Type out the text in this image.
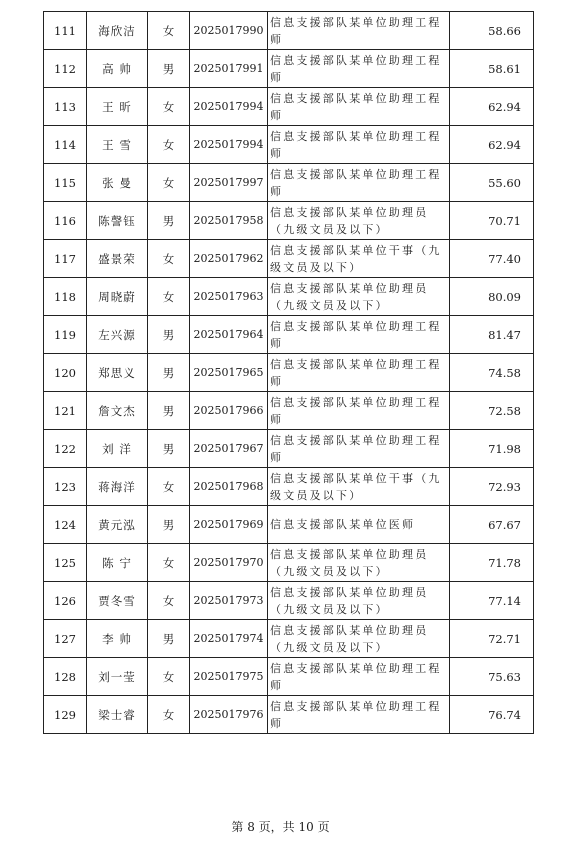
111	海欣洁	女	2025017990	信息支援部队某单位助理工程师	58.66
112	高 帅	男	2025017991	信息支援部队某单位助理工程师	58.61
113	王 昕	女	2025017994	信息支援部队某单位助理工程师	62.94
114	王 雪	女	2025017994	信息支援部队某单位助理工程师	62.94
115	张 曼	女	2025017997	信息支援部队某单位助理工程师	55.60
116	陈謦钰	男	2025017958	信息支援部队某单位助理员（九级文员及以下）	70.71
117	盛景荣	女	2025017962	信息支援部队某单位干事（九级文员及以下）	77.40
118	周晓蔚	女	2025017963	信息支援部队某单位助理员（九级文员及以下）	80.09
119	左兴源	男	2025017964	信息支援部队某单位助理工程师	81.47
120	郑思义	男	2025017965	信息支援部队某单位助理工程师	74.58
121	詹文杰	男	2025017966	信息支援部队某单位助理工程师	72.58
122	刘 洋	男	2025017967	信息支援部队某单位助理工程师	71.98
123	蒋海洋	女	2025017968	信息支援部队某单位干事（九级文员及以下）	72.93
124	黄元泓	男	2025017969	信息支援部队某单位医师	67.67
125	陈 宁	女	2025017970	信息支援部队某单位助理员（九级文员及以下）	71.78
126	贾冬雪	女	2025017973	信息支援部队某单位助理员（九级文员及以下）	77.14
127	李 帅	男	2025017974	信息支援部队某单位助理员（九级文员及以下）	72.71
128	刘一莹	女	2025017975	信息支援部队某单位助理工程师	75.63
129	梁士睿	女	2025017976	信息支援部队某单位助理工程师	76.74
第 8 页，共 10 页
